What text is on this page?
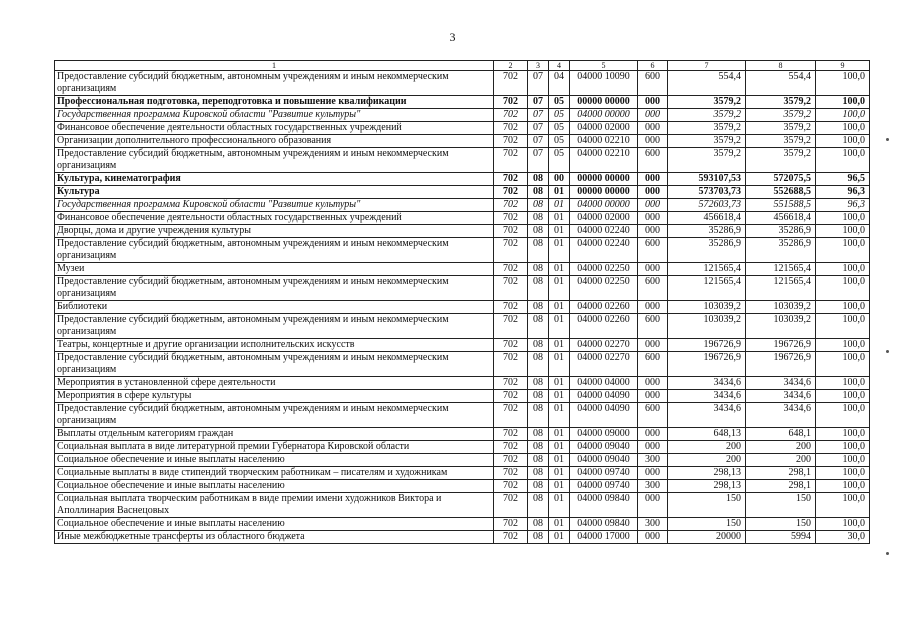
3
1	2	3	4	5	6	7	8	9
Предоставление субсидий бюджетным, автономным учреждениям и иным некоммерческим организациям	702	07	04	04000 10090	600	554,4	554,4	100,0
Профессиональная подготовка, переподготовка и повышение квалификации	702	07	05	00000 00000	000	3579,2	3579,2	100,0
Государственная программа Кировской области "Развитие культуры"	702	07	05	04000 00000	000	3579,2	3579,2	100,0
Финансовое обеспечение деятельности областных государственных учреждений	702	07	05	04000 02000	000	3579,2	3579,2	100,0
Организации дополнительного профессионального образования	702	07	05	04000 02210	000	3579,2	3579,2	100,0
Предоставление субсидий бюджетным, автономным учреждениям и иным некоммерческим организациям	702	07	05	04000 02210	600	3579,2	3579,2	100,0
Культура, кинематография	702	08	00	00000 00000	000	593107,53	572075,5	96,5
Культура	702	08	01	00000 00000	000	573703,73	552688,5	96,3
Государственная программа Кировской области "Развитие культуры"	702	08	01	04000 00000	000	572603,73	551588,5	96,3
Финансовое обеспечение деятельности областных государственных учреждений	702	08	01	04000 02000	000	456618,4	456618,4	100,0
Дворцы, дома и другие учреждения культуры	702	08	01	04000 02240	000	35286,9	35286,9	100,0
Предоставление субсидий бюджетным, автономным учреждениям и иным некоммерческим организациям	702	08	01	04000 02240	600	35286,9	35286,9	100,0
Музеи	702	08	01	04000 02250	000	121565,4	121565,4	100,0
Предоставление субсидий бюджетным, автономным учреждениям и иным некоммерческим организациям	702	08	01	04000 02250	600	121565,4	121565,4	100,0
Библиотеки	702	08	01	04000 02260	000	103039,2	103039,2	100,0
Предоставление субсидий бюджетным, автономным учреждениям и иным некоммерческим организациям	702	08	01	04000 02260	600	103039,2	103039,2	100,0
Театры, концертные и другие организации исполнительских искусств	702	08	01	04000 02270	000	196726,9	196726,9	100,0
Предоставление субсидий бюджетным, автономным учреждениям и иным некоммерческим организациям	702	08	01	04000 02270	600	196726,9	196726,9	100,0
Мероприятия в установленной сфере деятельности	702	08	01	04000 04000	000	3434,6	3434,6	100,0
Мероприятия в сфере культуры	702	08	01	04000 04090	000	3434,6	3434,6	100,0
Предоставление субсидий бюджетным, автономным учреждениям и иным некоммерческим организациям	702	08	01	04000 04090	600	3434,6	3434,6	100,0
Выплаты отдельным категориям граждан	702	08	01	04000 09000	000	648,13	648,1	100,0
Социальная выплата в виде литературной премии Губернатора Кировской области	702	08	01	04000 09040	000	200	200	100,0
Социальное обеспечение и иные выплаты населению	702	08	01	04000 09040	300	200	200	100,0
Социальные выплаты в виде стипендий творческим работникам – писателям и художникам	702	08	01	04000 09740	000	298,13	298,1	100,0
Социальное обеспечение и иные выплаты населению	702	08	01	04000 09740	300	298,13	298,1	100,0
Социальная выплата творческим работникам в виде премии имени художников Виктора и Аполлинария Васнецовых	702	08	01	04000 09840	000	150	150	100,0
Социальное обеспечение и иные выплаты населению	702	08	01	04000 09840	300	150	150	100,0
Иные межбюджетные трансферты из областного бюджета	702	08	01	04000 17000	000	20000	5994	30,0
